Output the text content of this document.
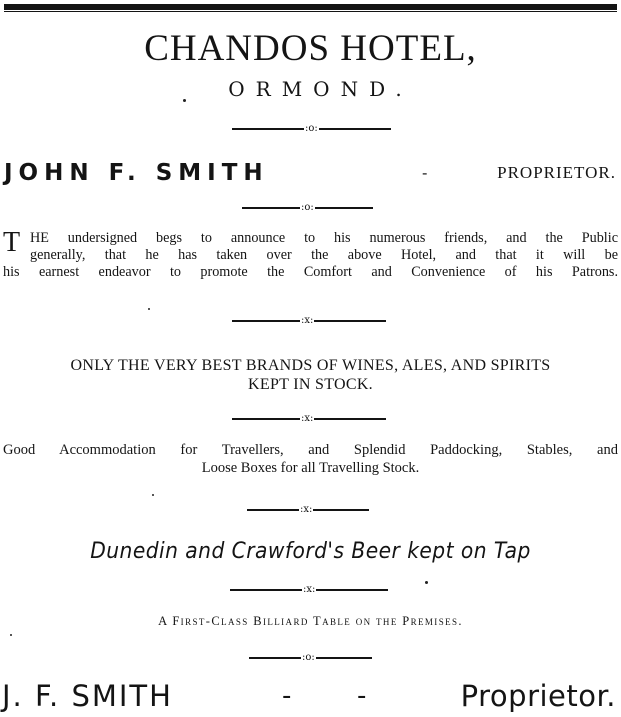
CHANDOS HOTEL,
ORMOND.
:o:
JOHN F. SMITH	-	PROPRIETOR.
:o:
T HE undersigned begs to announce to his numerous friends, and the Public
generally, that he has taken over the above Hotel, and that it will be
his earnest endeavor to promote the Comfort and Convenience of his Patrons.
:x:
ONLY THE VERY BEST BRANDS OF WINES, ALES, AND SPIRITS
KEPT IN STOCK.
:x:
Good Accommodation for Travellers, and Splendid Paddocking, Stables, and
Loose Boxes for all Travelling Stock.
:x:
Dunedin and Crawford's Beer kept on Tap
:x:
A First-Class Billiard Table on the Premises.
:o:
J. F. SMITH	-	-	Proprietor.
